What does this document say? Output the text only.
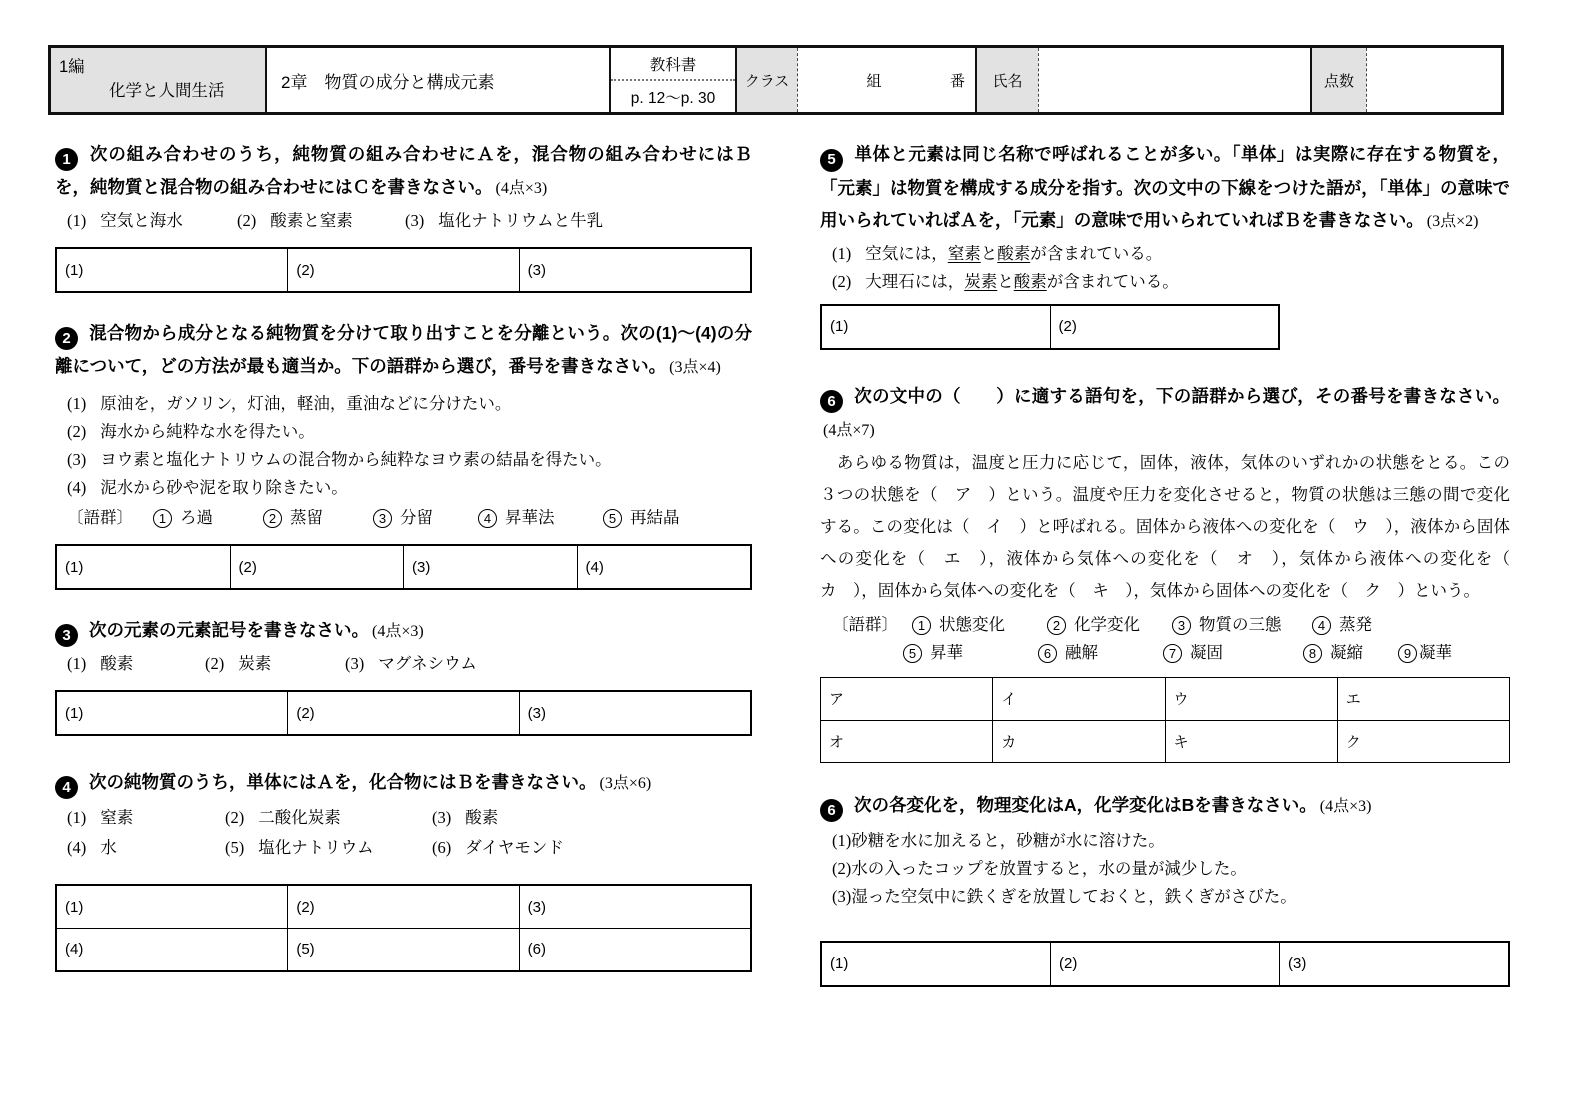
1編
化学と人間生活	2章　物質の成分と構成元素
教科書
p. 12～p. 30
クラス	組	番	氏名	点数
1 次の組み合わせのうち，純物質の組み合わせにＡを，混合物の組み合わせにはＢを，純物質と混合物の組み合わせにはＣを書きなさい。 (4点×3)
(1) 空気と海水	(2) 酸素と窒素	(3) 塩化ナトリウムと牛乳
(1)	(2)	(3)
2 混合物から成分となる純物質を分けて取り出すことを分離という。次の(1)～(4)の分離について，どの方法が最も適当か。下の語群から選び，番号を書きなさい。 (3点×4)
(1) 原油を，ガソリン，灯油，軽油，重油などに分けたい。
(2) 海水から純粋な水を得たい。
(3) ヨウ素と塩化ナトリウムの混合物から純粋なヨウ素の結晶を得たい。
(4) 泥水から砂や泥を取り除きたい。
〔語群〕	1 ろ過	2 蒸留	3 分留	4 昇華法	5 再結晶
(1)	(2)	(3)	(4)
3 次の元素の元素記号を書きなさい。 (4点×3)
(1) 酸素	(2) 炭素	(3) マグネシウム
(1)	(2)	(3)
4 次の純物質のうち，単体にはＡを，化合物にはＢを書きなさい。 (3点×6)
(1) 窒素	(2) 二酸化炭素	(3) 酸素
(4) 水	(5) 塩化ナトリウム	(6) ダイヤモンド
(1)	(2)	(3)
(4)	(5)	(6)
5 単体と元素は同じ名称で呼ばれることが多い。「単体」は実際に存在する物質を，「元素」は物質を構成する成分を指す。次の文中の下線をつけた語が，「単体」の意味で用いられていればＡを，「元素」の意味で用いられていればＢを書きなさい。 (3点×2)
(1) 空気には，窒素と酸素が含まれている。
(2) 大理石には，炭素と酸素が含まれている。
(1)	(2)
6 次の文中の（　　）に適する語句を，下の語群から選び，その番号を書きなさい。(4点×7)
　あらゆる物質は，温度と圧力に応じて，固体，液体，気体のいずれかの状態をとる。この３つの状態を（　ア　）という。温度や圧力を変化させると，物質の状態は三態の間で変化する。この変化は（　イ　）と呼ばれる。固体から液体への変化を（　ウ　），液体から固体への変化を（　エ　），液体から気体への変化を（　オ　），気体から液体への変化を（　カ　），固体から気体への変化を（　キ　），気体から固体への変化を（　ク　）という。
〔語群〕	1 状態変化	2 化学変化	3 物質の三態	4 蒸発
5 昇華	6 融解	7 凝固	8 凝縮	9 凝華
ア	イ	ウ	エ
オ	カ	キ	ク
6 次の各変化を，物理変化はA，化学変化はBを書きなさい。 (4点×3)
(1)砂糖を水に加えると，砂糖が水に溶けた。
(2)水の入ったコップを放置すると，水の量が減少した。
(3)湿った空気中に鉄くぎを放置しておくと，鉄くぎがさびた。
(1)	(2)	(3)
